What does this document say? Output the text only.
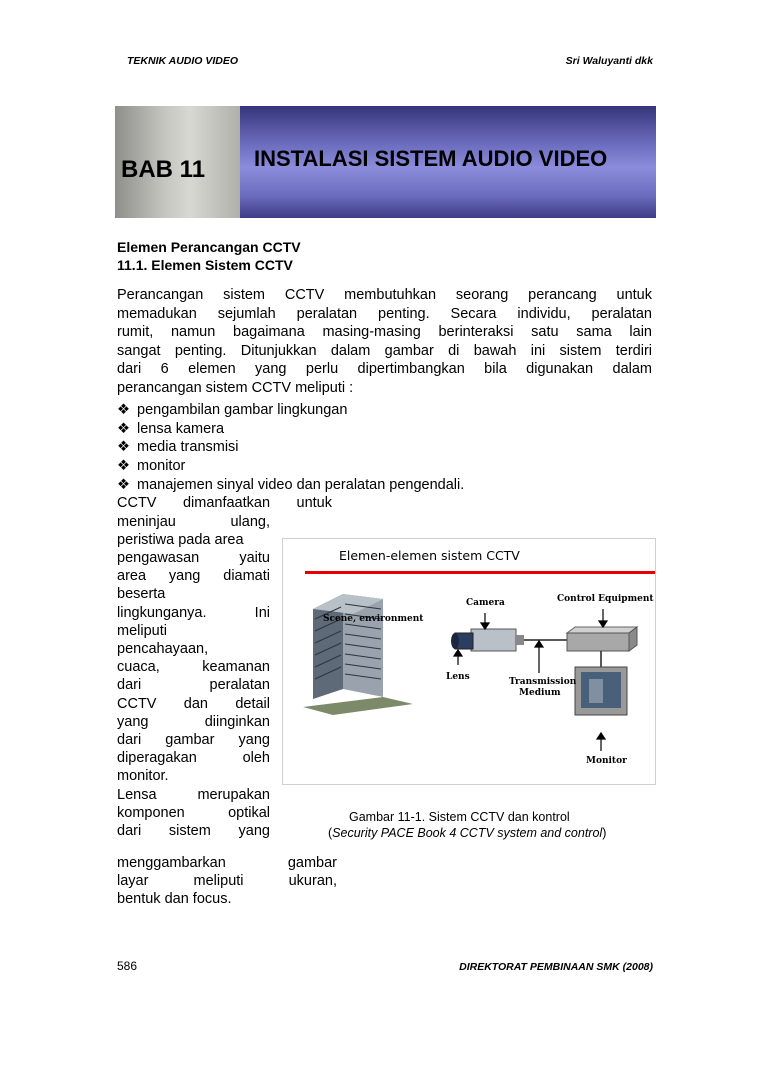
TEKNIK AUDIO VIDEO	Sri Waluyanti dkk
BAB 11 INSTALASI SISTEM AUDIO VIDEO
Elemen Perancangan CCTV
11.1. Elemen Sistem CCTV
Perancangan sistem CCTV membutuhkan seorang perancang untuk
memadukan sejumlah peralatan penting. Secara individu, peralatan
rumit, namun bagaimana masing-masing berinteraksi satu sama lain
sangat penting. Ditunjukkan dalam gambar di bawah ini sistem terdiri
dari 6 elemen yang perlu dipertimbangkan bila digunakan dalam
perancangan sistem CCTV meliputi :
❖ pengambilan gambar lingkungan
❖ lensa kamera
❖ media transmisi
❖ monitor
❖ manajemen sinyal video dan peralatan pengendali.
CCTV dimanfaatkan untuk
meninjau ulang,
peristiwa pada area
pengawasan yaitu
area yang diamati
beserta
lingkunganya. Ini
meliputi
pencahayaan,
cuaca, keamanan
dari peralatan
CCTV dan detail
yang diinginkan
dari gambar yang
diperagakan oleh
monitor.
Lensa merupakan
komponen optikal
dari sistem yang
menggambarkan gambar
layar meliputi ukuran,
bentuk dan focus.
Elemen-elemen sistem CCTV
Scene, environment
Camera	Control Equipment
Lens	Transmission
Medium
Monitor
Gambar 11-1. Sistem CCTV dan kontrol
(Security PACE Book 4 CCTV system and control)
586	DIREKTORAT PEMBINAAN SMK (2008)
